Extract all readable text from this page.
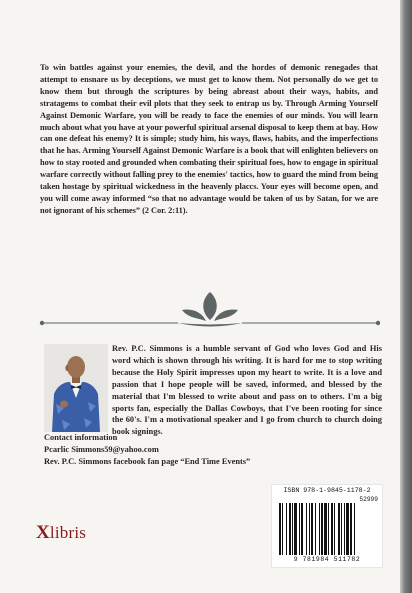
To win battles against your enemies, the devil, and the hordes of demonic renegades that attempt to ensnare us by deceptions, we must get to know them. Not personally do we get to know them but through the scriptures by being abreast about their ways, habits, and stratagems to combat their evil plots that they seek to entrap us by. Through Arming Yourself Against Demonic Warfare, you will be ready to face the enemies of our minds. You will learn much about what you have at your powerful spiritual arsenal disposal to keep them at bay. How can one defeat his enemy? It is simple; study him, his ways, flaws, habits, and the imperfections that he has. Arming Yourself Against Demonic Warfare is a book that will enlighten believers on how to stay rooted and grounded when combating their spiritual foes, how to engage in spiritual warfare correctly without falling prey to the enemies' tactics, how to guard the mind from being taken hostage by spiritual wickedness in the heavenly placcs. Your eyes will become open, and you will come away informed “so that no advantage would be taken of us by Satan, for we are not ignorant of his schemes” (2 Cor. 2:11).
Rev. P.C. Simmons is a humble servant of God who loves God and His word which is shown through his writing. It is hard for me to stop writing because the Holy Spirit impresses upon my heart to write. It is a love and passion that I hope people will be saved, informed, and blessed by the material that I'm blessed to write about and pass on to others. I'm a big sports fan, especially the Dallas Cowboys, that I've been rooting for since the 60's. I'm a motivational speaker and I go from church to church doing book signings.
Contact information
Pcarlic Simmons59@yahoo.com
Rev. P.C. Simmons facebook fan page “End Time Events”
Xlibris
ISBN 978-1-9845-1178-2
52999
9 781984 511782
